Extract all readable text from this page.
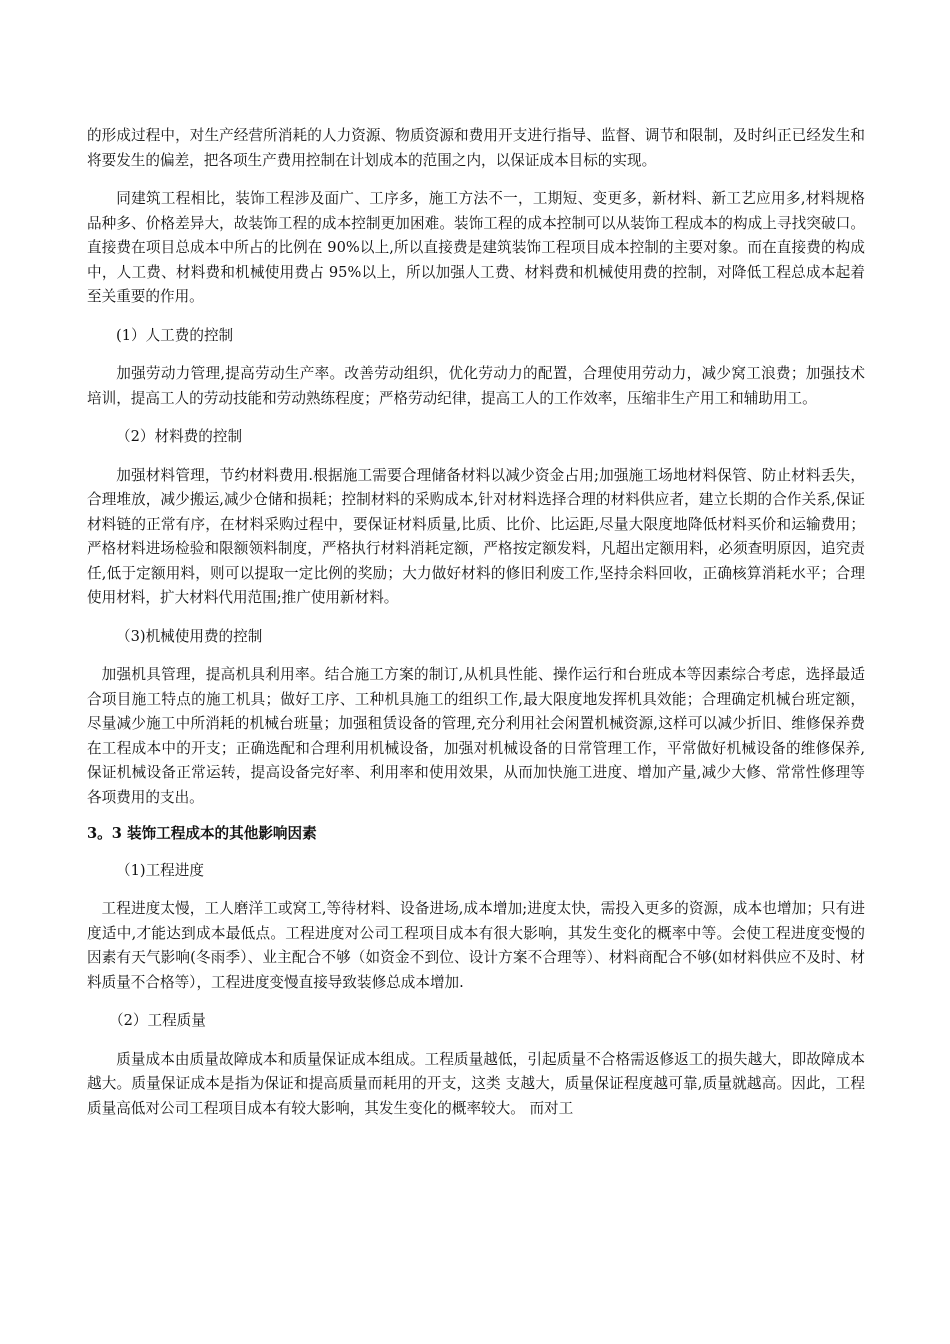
的形成过程中，对生产经营所消耗的人力资源、物质资源和费用开支进行指导、监督、调节和限制，及时纠正已经发生和将要发生的偏差，把各项生产费用控制在计划成本的范围之内，以保证成本目标的实现。

同建筑工程相比，装饰工程涉及面广、工序多，施工方法不一，工期短、变更多，新材料、新工艺应用多,材料规格品种多、价格差异大，故装饰工程的成本控制更加困难。装饰工程的成本控制可以从装饰工程成本的构成上寻找突破口。直接费在项目总成本中所占的比例在 90%以上,所以直接费是建筑装饰工程项目成本控制的主要对象。而在直接费的构成中，人工费、材料费和机械使用费占 95%以上，所以加强人工费、材料费和机械使用费的控制，对降低工程总成本起着至关重要的作用。

(1）人工费的控制

加强劳动力管理,提高劳动生产率。改善劳动组织，优化劳动力的配置，合理使用劳动力，减少窝工浪费；加强技术培训，提高工人的劳动技能和劳动熟练程度；严格劳动纪律，提高工人的工作效率，压缩非生产用工和辅助用工。

（2）材料费的控制

加强材料管理，节约材料费用.根据施工需要合理储备材料以减少资金占用;加强施工场地材料保管、防止材料丢失，合理堆放，减少搬运,减少仓储和损耗；控制材料的采购成本,针对材料选择合理的材料供应者，建立长期的合作关系,保证材料链的正常有序，在材料采购过程中，要保证材料质量,比质、比价、比运距,尽量大限度地降低材料买价和运输费用；严格材料进场检验和限额领料制度，严格执行材料消耗定额，严格按定额发料，凡超出定额用料，必须查明原因，追究责任,低于定额用料，则可以提取一定比例的奖励；大力做好材料的修旧利废工作,坚持余料回收，正确核算消耗水平；合理使用材料，扩大材料代用范围;推广使用新材料。

（3)机械使用费的控制

加强机具管理，提高机具利用率。结合施工方案的制订,从机具性能、操作运行和台班成本等因素综合考虑，选择最适合项目施工特点的施工机具；做好工序、工种机具施工的组织工作,最大限度地发挥机具效能；合理确定机械台班定额，尽量减少施工中所消耗的机械台班量；加强租赁设备的管理,充分利用社会闲置机械资源,这样可以减少折旧、维修保养费在工程成本中的开支；正确选配和合理利用机械设备，加强对机械设备的日常管理工作，平常做好机械设备的维修保养,保证机械设备正常运转，提高设备完好率、利用率和使用效果，从而加快施工进度、增加产量,减少大修、常常性修理等各项费用的支出。

3。3 装饰工程成本的其他影响因素

（1)工程进度

工程进度太慢，工人磨洋工或窝工,等待材料、设备进场,成本增加;进度太快，需投入更多的资源，成本也增加；只有进度适中,才能达到成本最低点。工程进度对公司工程项目成本有很大影响，其发生变化的概率中等。会使工程进度变慢的因素有天气影响(冬雨季）、业主配合不够（如资金不到位、设计方案不合理等）、材料商配合不够(如材料供应不及时、材料质量不合格等），工程进度变慢直接导致装修总成本增加.

（2）工程质量

质量成本由质量故障成本和质量保证成本组成。工程质量越低，引起质量不合格需返修返工的损失越大，即故障成本越大。质量保证成本是指为保证和提高质量而耗用的开支，这类 支越大，质量保证程度越可靠,质量就越高。因此，工程质量高低对公司工程项目成本有较大影响，其发生变化的概率较大。 而对工
